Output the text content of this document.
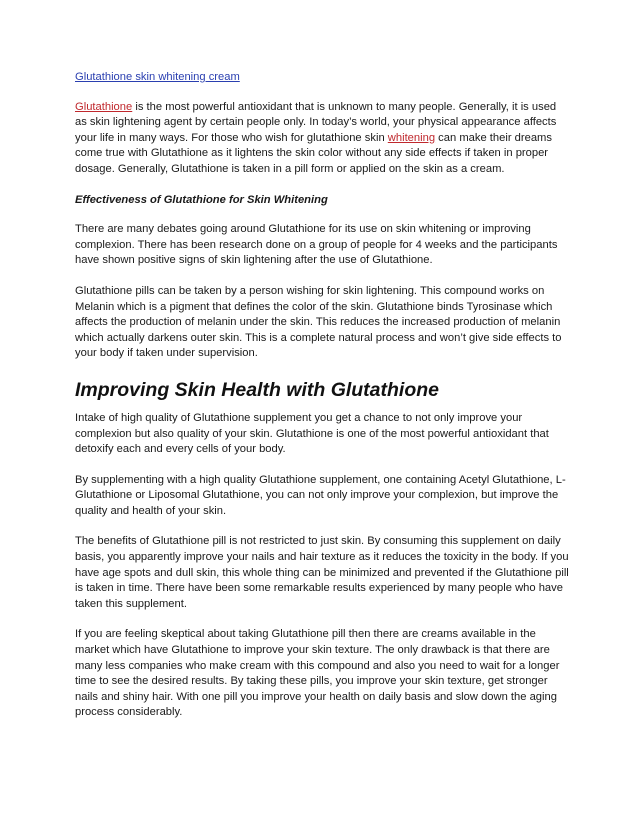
Glutathione skin whitening cream

Glutathione is the most powerful antioxidant that is unknown to many people. Generally, it is used as skin lightening agent by certain people only. In today’s world, your physical appearance affects your life in many ways. For those who wish for glutathione skin whitening can make their dreams come true with Glutathione as it lightens the skin color without any side effects if taken in proper dosage. Generally, Glutathione is taken in a pill form or applied on the skin as a cream.

Effectiveness of Glutathione for Skin Whitening

There are many debates going around Glutathione for its use on skin whitening or improving complexion. There has been research done on a group of people for 4 weeks and the participants have shown positive signs of skin lightening after the use of Glutathione.

Glutathione pills can be taken by a person wishing for skin lightening. This compound works on Melanin which is a pigment that defines the color of the skin. Glutathione binds Tyrosinase which affects the production of melanin under the skin. This reduces the increased production of melanin which actually darkens outer skin. This is a complete natural process and won’t give side effects to your body if taken under supervision.

Improving Skin Health with Glutathione

Intake of high quality of Glutathione supplement you get a chance to not only improve your complexion but also quality of your skin. Glutathione is one of the most powerful antioxidant that detoxify each and every cells of your body.

By supplementing with a high quality Glutathione supplement, one containing Acetyl Glutathione, L-Glutathione or Liposomal Glutathione, you can not only improve your complexion, but improve the quality and health of your skin.

The benefits of Glutathione pill is not restricted to just skin. By consuming this supplement on daily basis, you apparently improve your nails and hair texture as it reduces the toxicity in the body. If you have age spots and dull skin, this whole thing can be minimized and prevented if the Glutathione pill is taken in time. There have been some remarkable results experienced by many people who have taken this supplement.

If you are feeling skeptical about taking Glutathione pill then there are creams available in the market which have Glutathione to improve your skin texture. The only drawback is that there are many less companies who make cream with this compound and also you need to wait for a longer time to see the desired results. By taking these pills, you improve your skin texture, get stronger nails and shiny hair. With one pill you improve your health on daily basis and slow down the aging process considerably.
